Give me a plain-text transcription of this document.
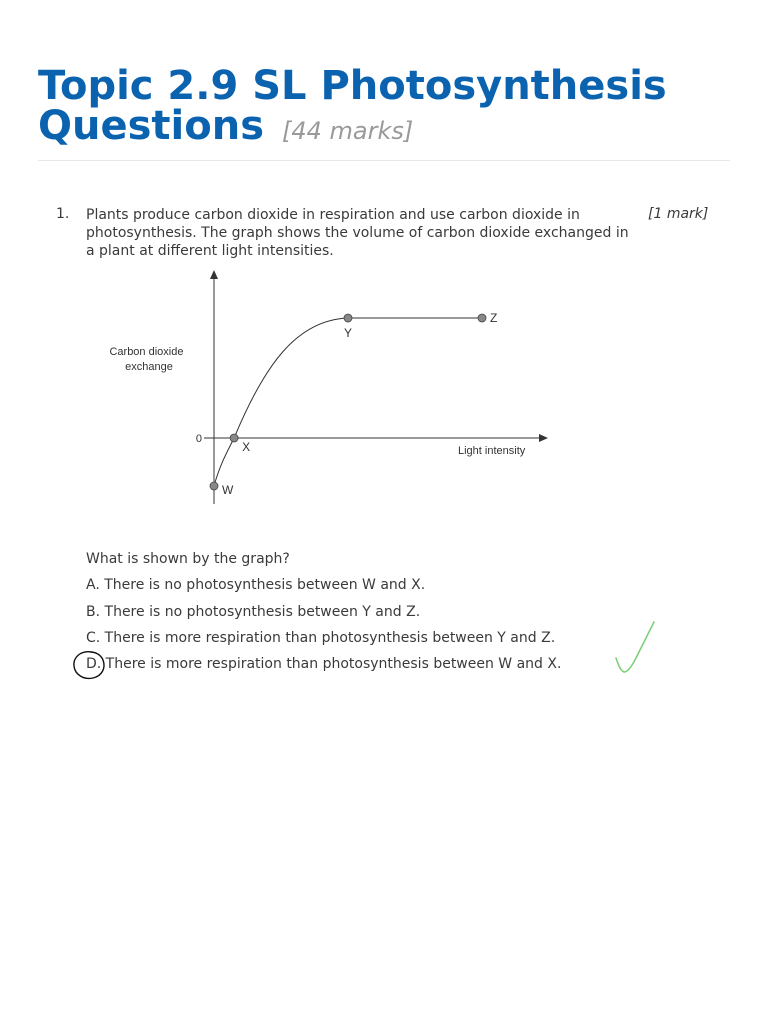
Topic 2.9 SL Photosynthesis Questions [44 marks]
1. Plants produce carbon dioxide in respiration and use carbon dioxide in photosynthesis. The graph shows the volume of carbon dioxide exchanged in a plant at different light intensities.
[1 mark]
Carbon dioxide exchange
0
Light intensity
W
X
Y
Z
What is shown by the graph?
A. There is no photosynthesis between W and X.
B. There is no photosynthesis between Y and Z.
C. There is more respiration than photosynthesis between Y and Z.
D. There is more respiration than photosynthesis between W and X.
